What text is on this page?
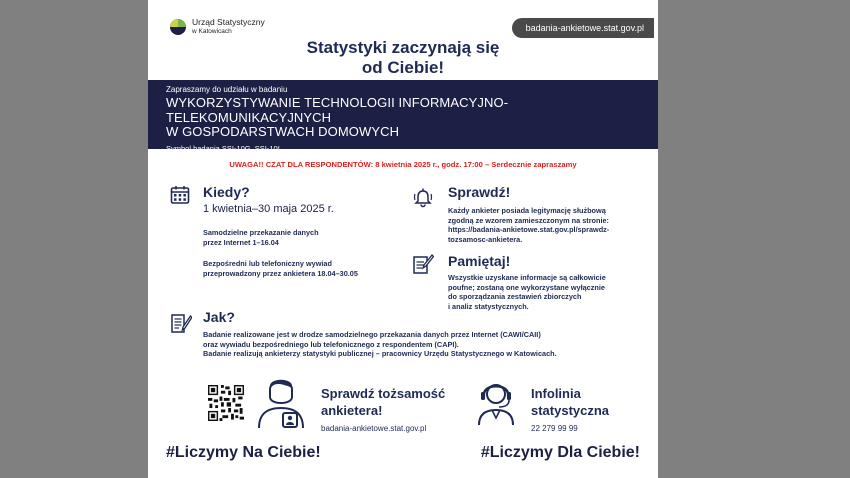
Urząd Statystyczny
w Katowicach	badania-ankietowe.stat.gov.pl
Statystyki zaczynają się
od Ciebie!
Zapraszamy do udziału w badaniu
WYKORZYSTYWANIE TECHNOLOGII INFORMACYJNO-TELEKOMUNIKACYJNYCH
W GOSPODARSTWACH DOMOWYCH
Symbol badania SSI-10G, SSI-10I
UWAGA!! CZAT DLA RESPONDENTÓW: 8 kwietnia 2025 r., godz. 17:00 – Serdecznie zapraszamy
Kiedy?
1 kwietnia–30 maja 2025 r.
Samodzielne przekazanie danych
przez Internet 1–16.04
Bezpośredni lub telefoniczny wywiad
przeprowadzony przez ankietera 18.04–30.05
Sprawdź!
Każdy ankieter posiada legitymację służbową
zgodną ze wzorem zamieszczonym na stronie:
https://badania-ankietowe.stat.gov.pl/sprawdz-
tozsamosc-ankietera.
Pamiętaj!
Wszystkie uzyskane informacje są całkowicie
poufne; zostaną one wykorzystane wyłącznie
do sporządzania zestawień zbiorczych
i analiz statystycznych.
Jak?
Badanie realizowane jest w drodze samodzielnego przekazania danych przez Internet (CAWI/CAII)
oraz wywiadu bezpośredniego lub telefonicznego z respondentem (CAPI).
Badanie realizują ankieterzy statystyki publicznej – pracownicy Urzędu Statystycznego w Katowicach.
Sprawdź tożsamość
ankietera!
badania-ankietowe.stat.gov.pl
Infolinia
statystyczna
22 279 99 99
#Liczymy Na Ciebie!	#Liczymy Dla Ciebie!
